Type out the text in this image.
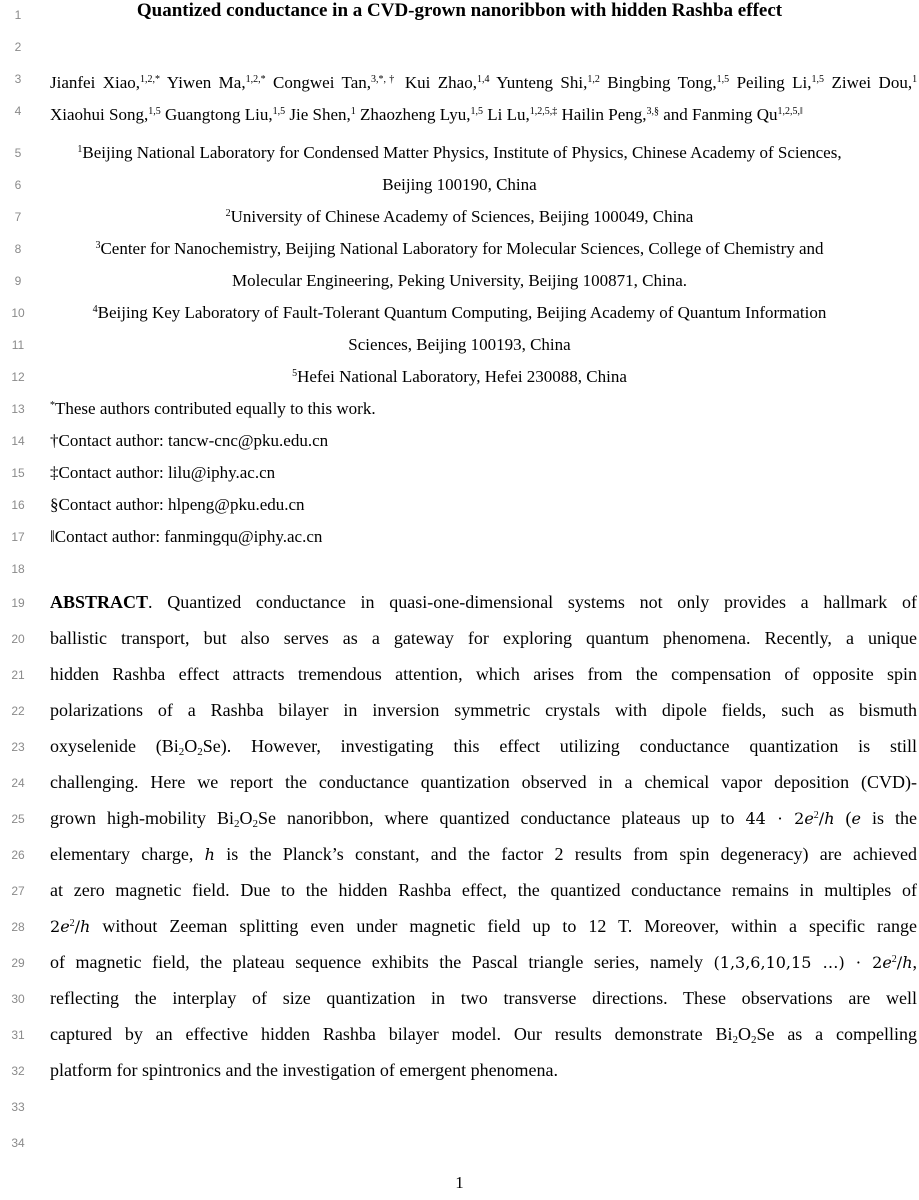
1
2
3
4
5
6
7
8
9
10
11
12
13
14
15
16
17
18
19
20
21
22
23
24
25
26
27
28
29
30
31
32
33
34
Quantized conductance in a CVD-grown nanoribbon with hidden Rashba effect
Jianfei Xiao,$^{1,2,*}$ Yiwen Ma,$^{1,2,*}$ Congwei Tan,$^{3,*,\dagger}$ Kui Zhao,$^{1,4}$ Yunteng Shi,$^{1,2}$ Bingbing Tong,$^{1,5}$ Peiling Li,$^{1,5}$ Ziwei Dou,$^1$ Xiaohui Song,$^{1,5}$ Guangtong Liu,$^{1,5}$ Jie Shen,$^1$ Zhaozheng Lyu,$^{1,5}$ Li Lu,$^{1,2,5,\ddagger}$ Hailin Peng,$^{3,\S}$ and Fanming $Qu^{1,2,5,ǁ}$
$^1$Beijing National Laboratory for Condensed Matter Physics, Institute of Physics, Chinese Academy of Sciences,
Beijing 100190, China
$^2$University of Chinese Academy of Sciences, Beijing 100049, China
$^3$Center for Nanochemistry, Beijing National Laboratory for Molecular Sciences, College of Chemistry and
Molecular Engineering, Peking University, Beijing 100871, China.
$^4$Beijing Key Laboratory of Fault-Tolerant Quantum Computing, Beijing Academy of Quantum Information
Sciences, Beijing 100193, China
$^5$Hefei National Laboratory, Hefei 230088, China
*These authors contributed equally to this work.
†Contact author: tancw-cnc@pku.edu.cn
‡Contact author: lilu@iphy.ac.cn
§Contact author: hlpeng@pku.edu.cn
ǁContact author: fanmingqu@iphy.ac.cn
ABSTRACT. Quantized conductance in quasi-one-dimensional systems not only provides a hallmark of
ballistic transport, but also serves as a gateway for exploring quantum phenomena. Recently, a unique
hidden Rashba effect attracts tremendous attention, which arises from the compensation of opposite spin
polarizations of a Rashba bilayer in inversion symmetric crystals with dipole fields, such as bismuth
oxyselenide $(Bi_2O_2Se)$. However, investigating this effect utilizing conductance quantization is still
challenging. Here we report the conductance quantization observed in a chemical vapor deposition (CVD)-
grown high-mobility $Bi_2O_2Se$ nanoribbon, where quantized conductance plateaus up to $44 \cdot 2e^2/h$ (e is the
elementary charge, h is the Planck’s constant, and the factor 2 results from spin degeneracy) are achieved
at zero magnetic field. Due to the hidden Rashba effect, the quantized conductance remains in multiples of
$2e^2/h$ without Zeeman splitting even under magnetic field up to 12 T. Moreover, within a specific range
of magnetic field, the plateau sequence exhibits the Pascal triangle series, namely (1,3,6,10,15 …) · $2e^2/h$,
reflecting the interplay of size quantization in two transverse directions. These observations are well
captured by an effective hidden Rashba bilayer model. Our results demonstrate $Bi_2O_2Se$ as a compelling
platform for spintronics and the investigation of emergent phenomena.
1
